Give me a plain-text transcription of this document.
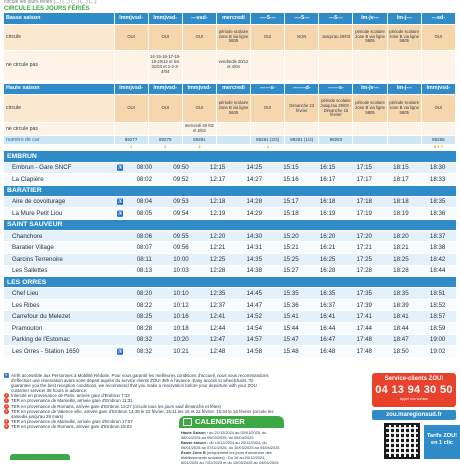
circule les jours fériés (...) (...) (...) (...) (...)
CIRCULE LES JOURS FÉRIÉS
Basse saison	lmmjvsd-	lmmjvsd-	---vsd-	mercredi	----5---	----5---	---5---	lm-jv---	lm-j---	---sd-
circule	OUI	OUI	OUI	période scolaire zone B via ligne 5605	OUI	NON	Jusqu'au 28/03	période scolaire zone B via ligne 5605	période scolaire zone B via ligne 5605	OUI
ne circule pas		14-15-16-17-18-19-20/12 et les 31/03 et 1-2-3-4/04		vendredis 20/12 et 4/04						
Haute saison	lmmjvsd-	lmmjvsd-	lmmjvsd-	mercredi	------s-	-------d-	------s-	lm-jv---	lm-j---	lmmjvsd-
circule	OUI	OUI	OUI	période scolaire zone B via ligne 5605	OUI	Dimanche 23 février	période scolaire Jusqu'au 29/03 - Dimanche 16 février	période scolaire zone B via ligne 5605	période scolaire zone B via ligne 5605	OUI
ne circule pas			mercredi 26 /02 et 5/03							
numéro de car	89277	89279	89281		89281 (2/3)	89281 (1/2)	89283			89285
	1	2	3		4					5 6 7
EMBRUN										
Embrun - Gare SNCF	♿	08:00	09:50	12:15	14:25	15:15	16:15	17:15	18:15	18:30
La Clapière		08:02	09:52	12:17	14:27	15:16	16:17	17:17	18:17	18:33
BARATIER										
Aire de covoiturage	♿	08:04	09:53	12:18	14:28	15:17	16:18	17:18	18:18	18:35
La Mure Petit Liou	♿	08:05	09:54	12:19	14:29	15:18	16:19	17:19	18:19	18:36
SAINT SAUVEUR										
Chanchore		08:06	09:55	12:20	14:30	15:20	16:20	17:20	18:20	18:37
Baratier Village		08:07	09:56	12:21	14:31	15:21	16:21	17:21	18:21	18:38
Garcins Terrenoire		08:11	10:00	12:25	14:35	15:25	16:25	17:25	18:25	18:42
Les Sallettes		08:13	10:03	12:28	14:38	15:27	16:28	17:28	18:28	18:44
LES ORRES										
Chef Lieu		08:20	10:10	12:35	14:45	15:35	16:35	17:35	18:35	18:51
Les Ribes		08:22	10:12	12:37	14:47	15:36	16:37	17:39	18:39	18:52
Carrefour du Melezet		08:25	10:16	12:41	14:52	15:41	16:41	17:41	18:41	18:57
Pramouton		08:28	10:18	12:44	14:54	15:44	16:44	17:44	18:44	18:59
Parking de l'Estomac		08:32	10:20	12:47	14:57	15:47	16:47	17:48	18:47	19:00
Les Orres - Station 1650	♿	08:32	10:21	12:48	14:58	15:48	16:48	17:48	18:50	19:02
♿ Arrêt accessible aux Personnes à Mobilité Réduite. Pour vous garantir les meilleures conditions d'accueil, nous vous recommandons d'effectuer une réservation avant votre départ auprès du service clients ZOU! 38h à l'avance. Easy access to wheelchairs. To guarantee you the best reception conditions, we recommend that you make a reservation before your departure with your ZOU customer service! 38 hours in advance.
1 Intercité en provenance de Paris, arrivée gare d'Embrun 7:33
2 TER en provenance de Marseille, arrivée gare d'Embrun 11:31
3 TER en provenance de Romans, arrivée gare d'Embrun 13:27 (circule tous les jours sauf dimanche et fêtes)
4 TER en provenance de Valence ville, arrivée gare d'Embrun 14:38 le 23 février, 15:11 les 15 et 22 février, 15:34 le 16 février (circule les samedis jusqu'au 29 mars)
5 TER en provenance de Marseille, arrivée gare d'Embrun 17:57
6 TER en provenance de Romans, arrivée gare d'Embrun 18:03
CALENDRIER
Haute Saison : du 21/12/2024 au 05/01/2025, du 08/02/2025 au 09/03/2025, du 05/04/2025
Basse saison : du 14/12/2024 au 20/12/2024, du 06/01/2025 au 07/02/2025, du 10/03/2025 au 04/04/2025
École Zone B (uniquement les jours d'ouverture des établissements scolaires) : Du 16 au 20/12/2024, 6/01/2025 au 7/02/2025 et du 10/03/2025 au 04/04/2025
Service-clients ZOU!
04 13 94 30 50
Appel non surtaxé
zou.maregionsud.fr
Tarifs ZOU! en 1 clic
